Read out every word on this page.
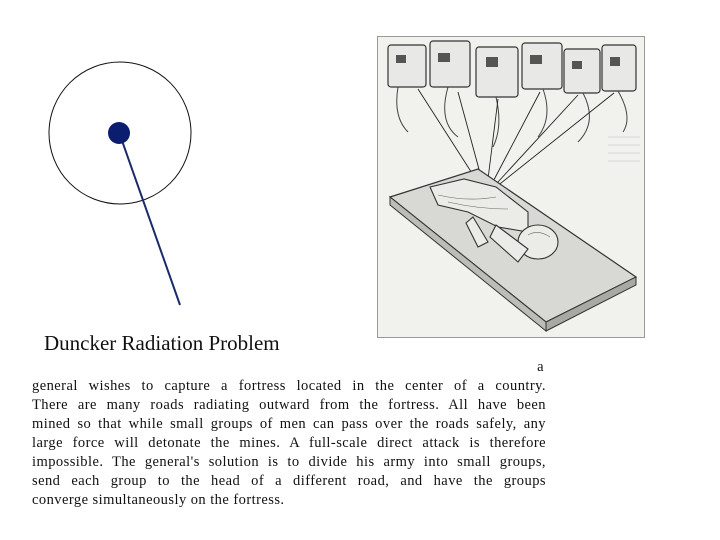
Duncker Radiation Problem
a
general wishes to capture a fortress located in the center of a country.
There are many roads radiating outward from the fortress. All have been
mined so that while small groups of men can pass over the roads safely, any
large force will detonate the mines. A full-scale direct attack is therefore
impossible. The general's solution is to divide his army into small groups,
send each group to the head of a different road, and have the groups
converge simultaneously on the fortress.
